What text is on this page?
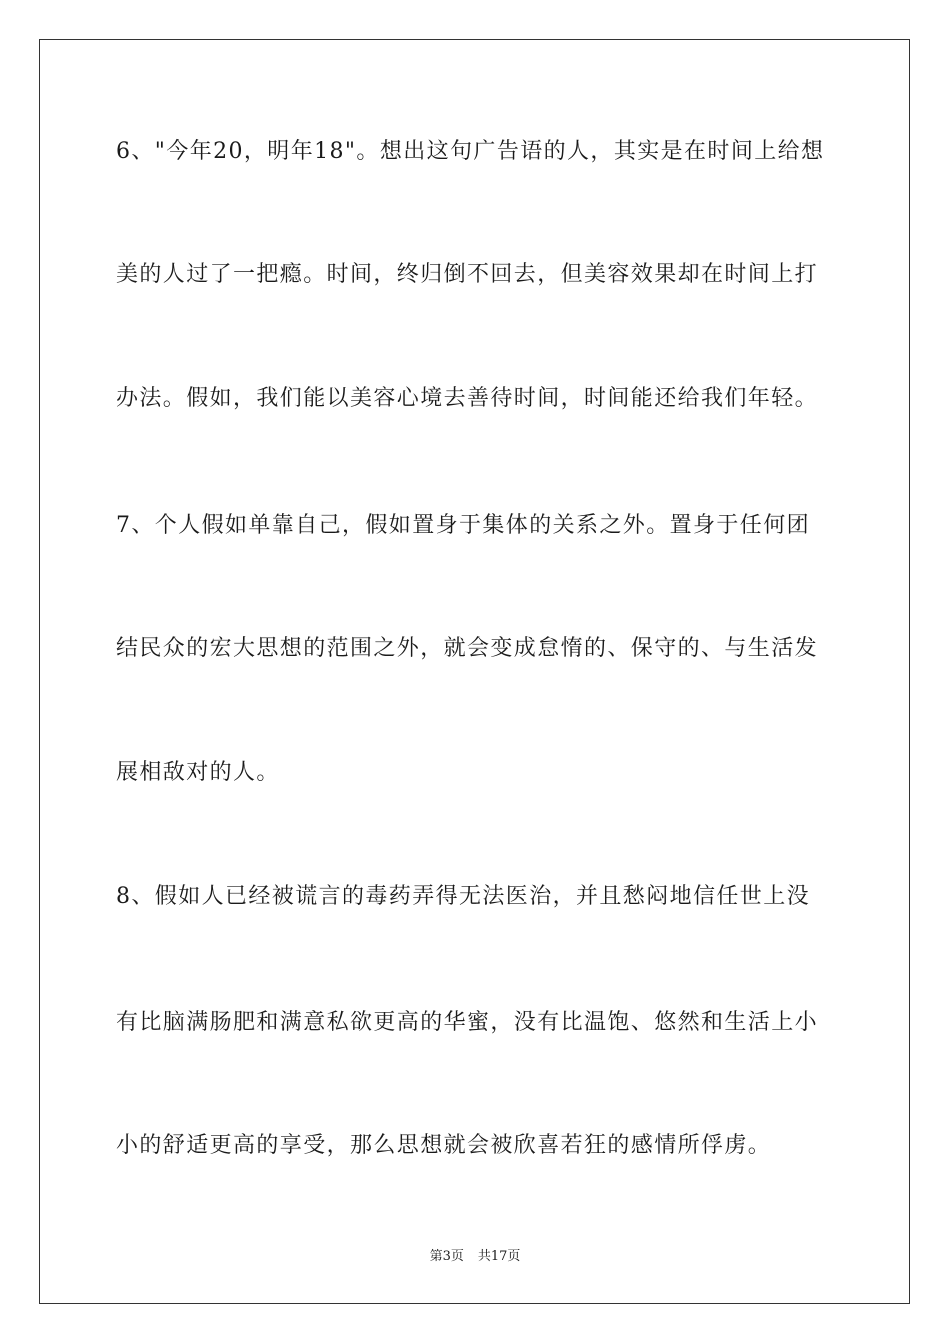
6、"今年20，明年18"。想出这句广告语的人，其实是在时间上给想

美的人过了一把瘾。时间，终归倒不回去，但美容效果却在时间上打

办法。假如，我们能以美容心境去善待时间，时间能还给我们年轻。

7、个人假如单靠自己，假如置身于集体的关系之外。置身于任何团

结民众的宏大思想的范围之外，就会变成怠惰的、保守的、与生活发

展相敌对的人。

8、假如人已经被谎言的毒药弄得无法医治，并且愁闷地信任世上没

有比脑满肠肥和满意私欲更高的华蜜，没有比温饱、悠然和生活上小

小的舒适更高的享受，那么思想就会被欣喜若狂的感情所俘虏。

第3页 共17页
